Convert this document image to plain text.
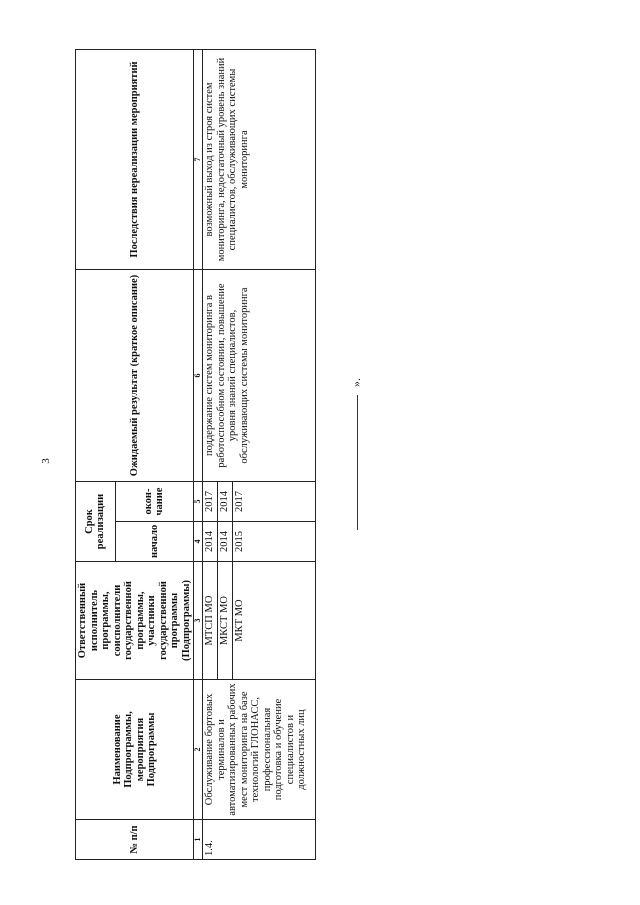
3
№ п/п	Наименование Подпрограммы, мероприятия Подпрограммы	Ответственный исполнитель программы, соисполнители государственной программы, участники государственной программы (Подпрограммы)	Срок реализации		Ожидаемый результат (краткое описание)	Последствия нереализации мероприятий
			начало	окон-чание		
1	2	3	4	5	6	7
1.4.	Обслуживание бортовых терминалов и автоматизированных рабочих мест мониторинга на базе технологий ГЛОНАСС, профессиональная подготовка и обучение специалистов и должностных лиц	МТСП МО	2014	2017	поддержание систем мониторинга в работоспособном состоянии, повышение уровня знаний специалистов, обслуживающих системы мониторинга	возможный выход из строя систем мониторинга, недостаточный уровень знаний специалистов, обслуживающих системы мониторинга
		МКСТ МО	2014	2014		
		МКТ МО	2015	2017		
».
